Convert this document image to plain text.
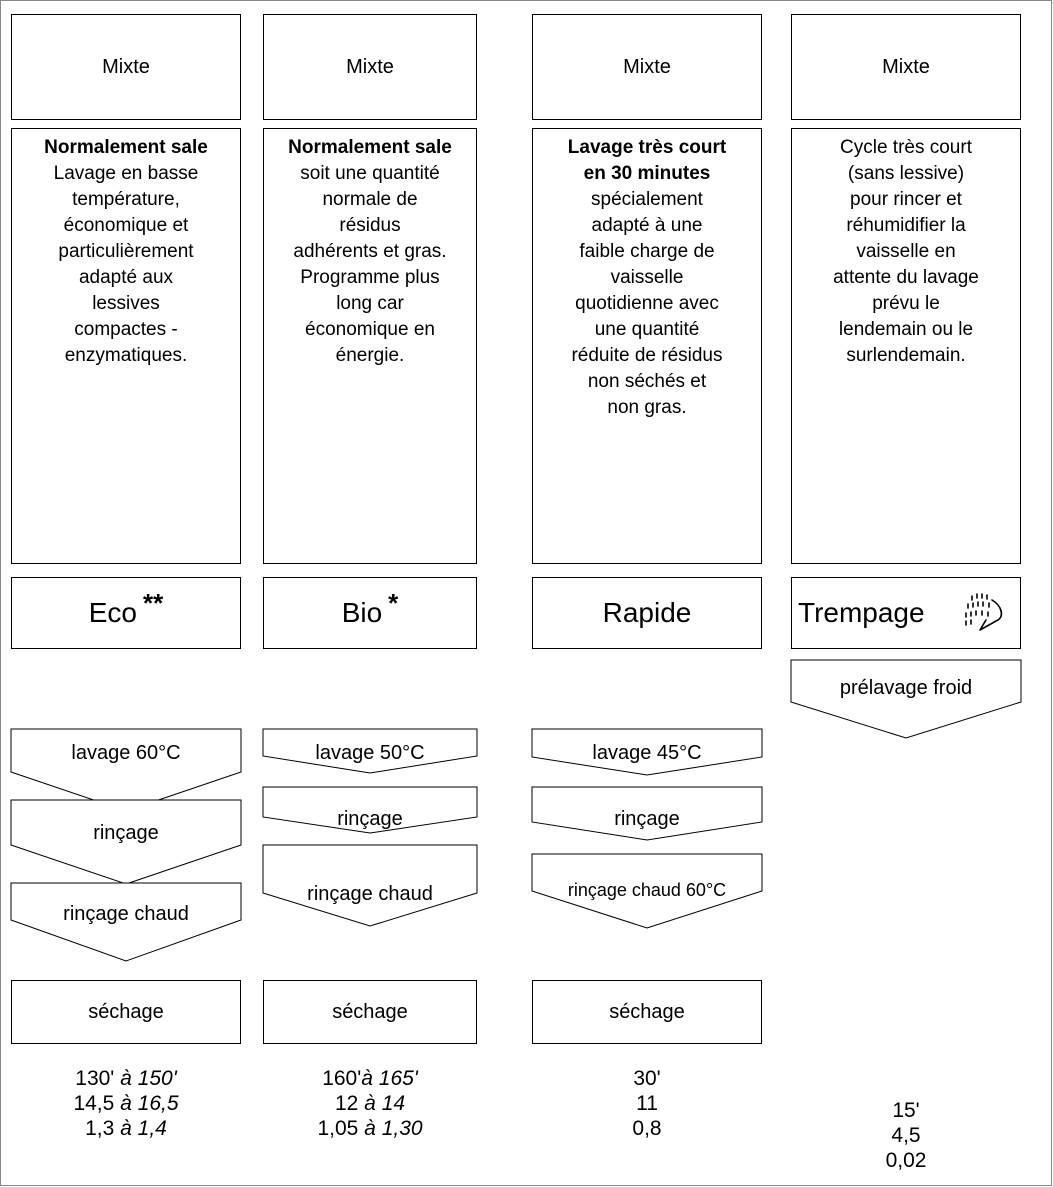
Mixte
Normalement sale
Lavage en basse
température,
économique et
particulièrement
adapté aux
lessives
compactes -
enzymatiques.
Eco**
Mixte
Normalement sale
soit une quantité
normale de
résidus
adhérents et gras.
Programme plus
long car
économique en
énergie.
Bio*
Mixte
Lavage très court
en 30 minutes
spécialement
adapté à une
faible charge de
vaisselle
quotidienne avec
une quantité
réduite de résidus
non séchés et
non gras.
Rapide
Mixte
Cycle très court
(sans lessive)
pour rincer et
réhumidifier la
vaisselle en
attente du lavage
prévu le
lendemain ou le
surlendemain.
Trempage
lavage 60°C
rinçage
rinçage chaud
lavage 50°C
rinçage
rinçage chaud
lavage 45°C
rinçage
rinçage chaud 60°C
prélavage froid
séchage	séchage	séchage
130' à 150'
14,5 à 16,5
1,3 à 1,4
160'à 165'
12 à 14
1,05 à 1,30
30'
11
0,8
15'
4,5
0,02
